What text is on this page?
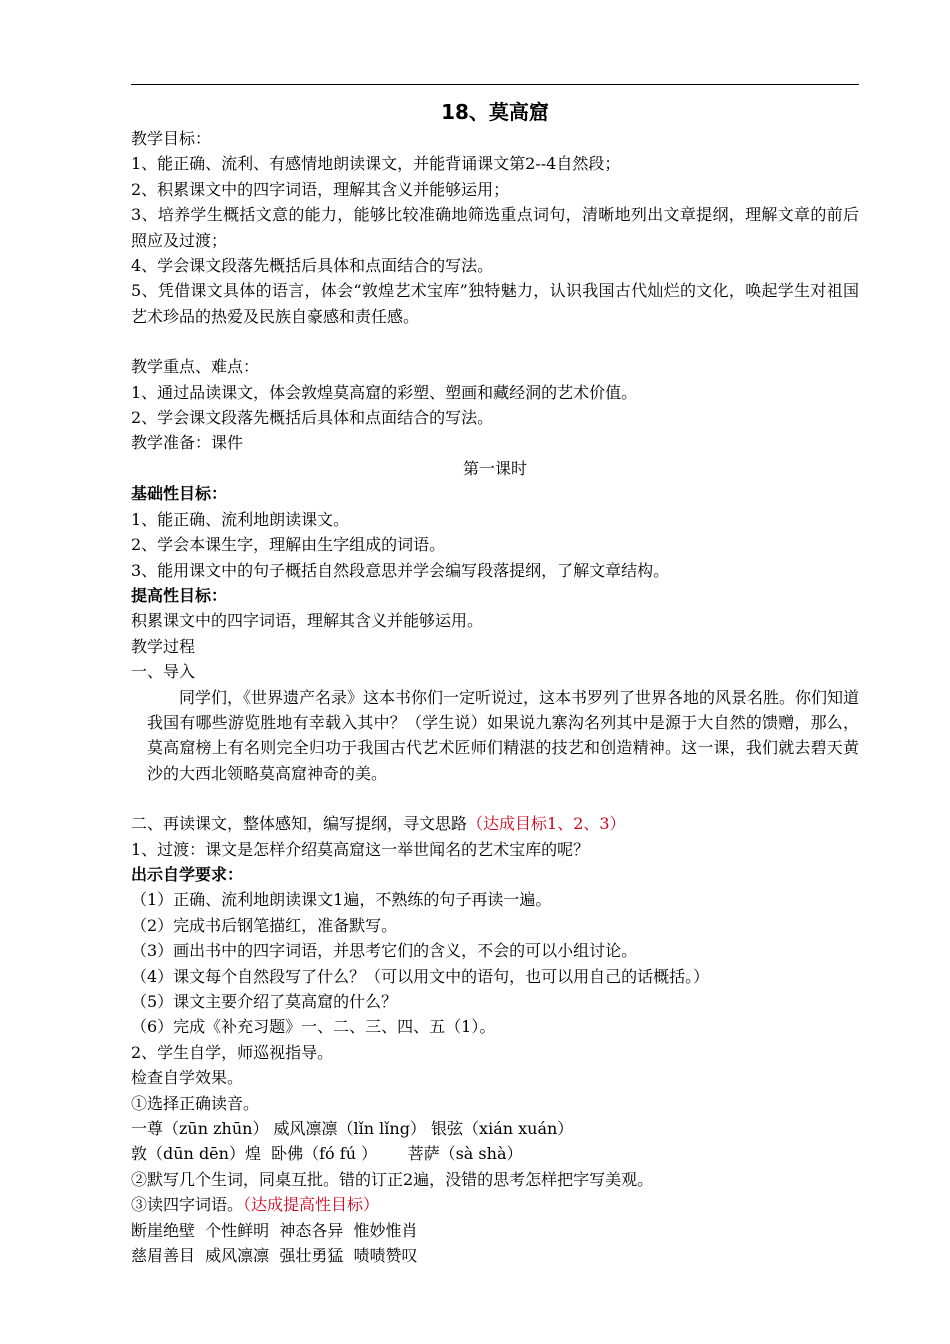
18、莫高窟
教学目标：
1、能正确、流利、有感情地朗读课文，并能背诵课文第2--4自然段；
2、积累课文中的四字词语，理解其含义并能够运用；
3、培养学生概括文意的能力，能够比较准确地筛选重点词句，清晰地列出文章提纲，理解文章的前后照应及过渡；
4、学会课文段落先概括后具体和点面结合的写法。
5、凭借课文具体的语言，体会“敦煌艺术宝库”独特魅力，认识我国古代灿烂的文化，唤起学生对祖国艺术珍品的热爱及民族自豪感和责任感。
教学重点、难点：
1、通过品读课文，体会敦煌莫高窟的彩塑、塑画和藏经洞的艺术价值。
2、学会课文段落先概括后具体和点面结合的写法。
教学准备：课件
第一课时
基础性目标：
1、能正确、流利地朗读课文。
2、学会本课生字，理解由生字组成的词语。
3、能用课文中的句子概括自然段意思并学会编写段落提纲，了解文章结构。
提高性目标：
积累课文中的四字词语，理解其含义并能够运用。
教学过程
一、导入
同学们，《世界遗产名录》这本书你们一定听说过，这本书罗列了世界各地的风景名胜。你们知道我国有哪些游览胜地有幸载入其中？（学生说）如果说九寨沟名列其中是源于大自然的馈赠，那么，莫高窟榜上有名则完全归功于我国古代艺术匠师们精湛的技艺和创造精神。这一课，我们就去碧天黄沙的大西北领略莫高窟神奇的美。
二、再读课文，整体感知，编写提纲，寻文思路（达成目标1、2、3）
1、过渡：课文是怎样介绍莫高窟这一举世闻名的艺术宝库的呢？
出示自学要求：
（1）正确、流利地朗读课文1遍，不熟练的句子再读一遍。
（2）完成书后钢笔描红，准备默写。
（3）画出书中的四字词语，并思考它们的含义，不会的可以小组讨论。
（4）课文每个自然段写了什么？（可以用文中的语句，也可以用自己的话概括。）
（5）课文主要介绍了莫高窟的什么？
（6）完成《补充习题》一、二、三、四、五（1）。
2、学生自学，师巡视指导。
检查自学效果。
①选择正确读音。
一尊（zūn zhūn） 威风凛凛（lǐn lǐng） 银弦（xián xuán）
敦（dūn dēn）煌  卧佛（fó fú ）      菩萨（sà shà）
②默写几个生词，同桌互批。错的订正2遍，没错的思考怎样把字写美观。
③读四字词语。（达成提高性目标）
断崖绝壁  个性鲜明  神态各异  惟妙惟肖
慈眉善目  威风凛凛  强壮勇猛  啧啧赞叹
